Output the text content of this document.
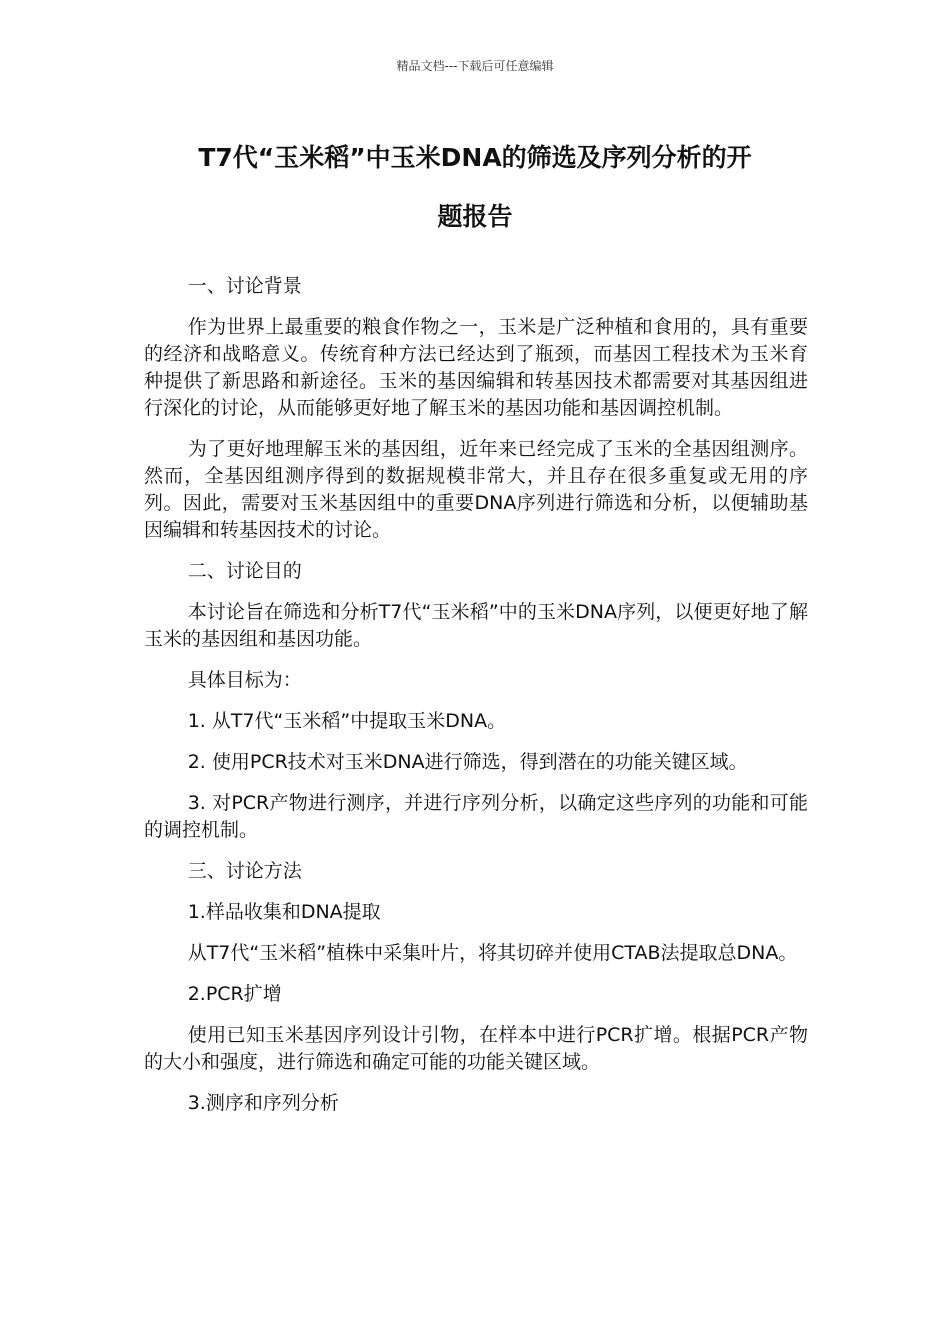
精品文档---下载后可任意编辑
T7代“玉米稻”中玉米DNA的筛选及序列分析的开
题报告

一、讨论背景

作为世界上最重要的粮食作物之一，玉米是广泛种植和食用的，具有重要的经济和战略意义。传统育种方法已经达到了瓶颈，而基因工程技术为玉米育种提供了新思路和新途径。玉米的基因编辑和转基因技术都需要对其基因组进行深化的讨论，从而能够更好地了解玉米的基因功能和基因调控机制。

为了更好地理解玉米的基因组，近年来已经完成了玉米的全基因组测序。然而，全基因组测序得到的数据规模非常大，并且存在很多重复或无用的序列。因此，需要对玉米基因组中的重要DNA序列进行筛选和分析，以便辅助基因编辑和转基因技术的讨论。

二、讨论目的

本讨论旨在筛选和分析T7代“玉米稻”中的玉米DNA序列，以便更好地了解玉米的基因组和基因功能。

具体目标为：

1. 从T7代“玉米稻”中提取玉米DNA。

2. 使用PCR技术对玉米DNA进行筛选，得到潜在的功能关键区域。

3. 对PCR产物进行测序，并进行序列分析，以确定这些序列的功能和可能的调控机制。

三、讨论方法

1.样品收集和DNA提取

从T7代“玉米稻”植株中采集叶片，将其切碎并使用CTAB法提取总DNA。

2.PCR扩增

使用已知玉米基因序列设计引物，在样本中进行PCR扩增。根据PCR产物的大小和强度，进行筛选和确定可能的功能关键区域。

3.测序和序列分析
